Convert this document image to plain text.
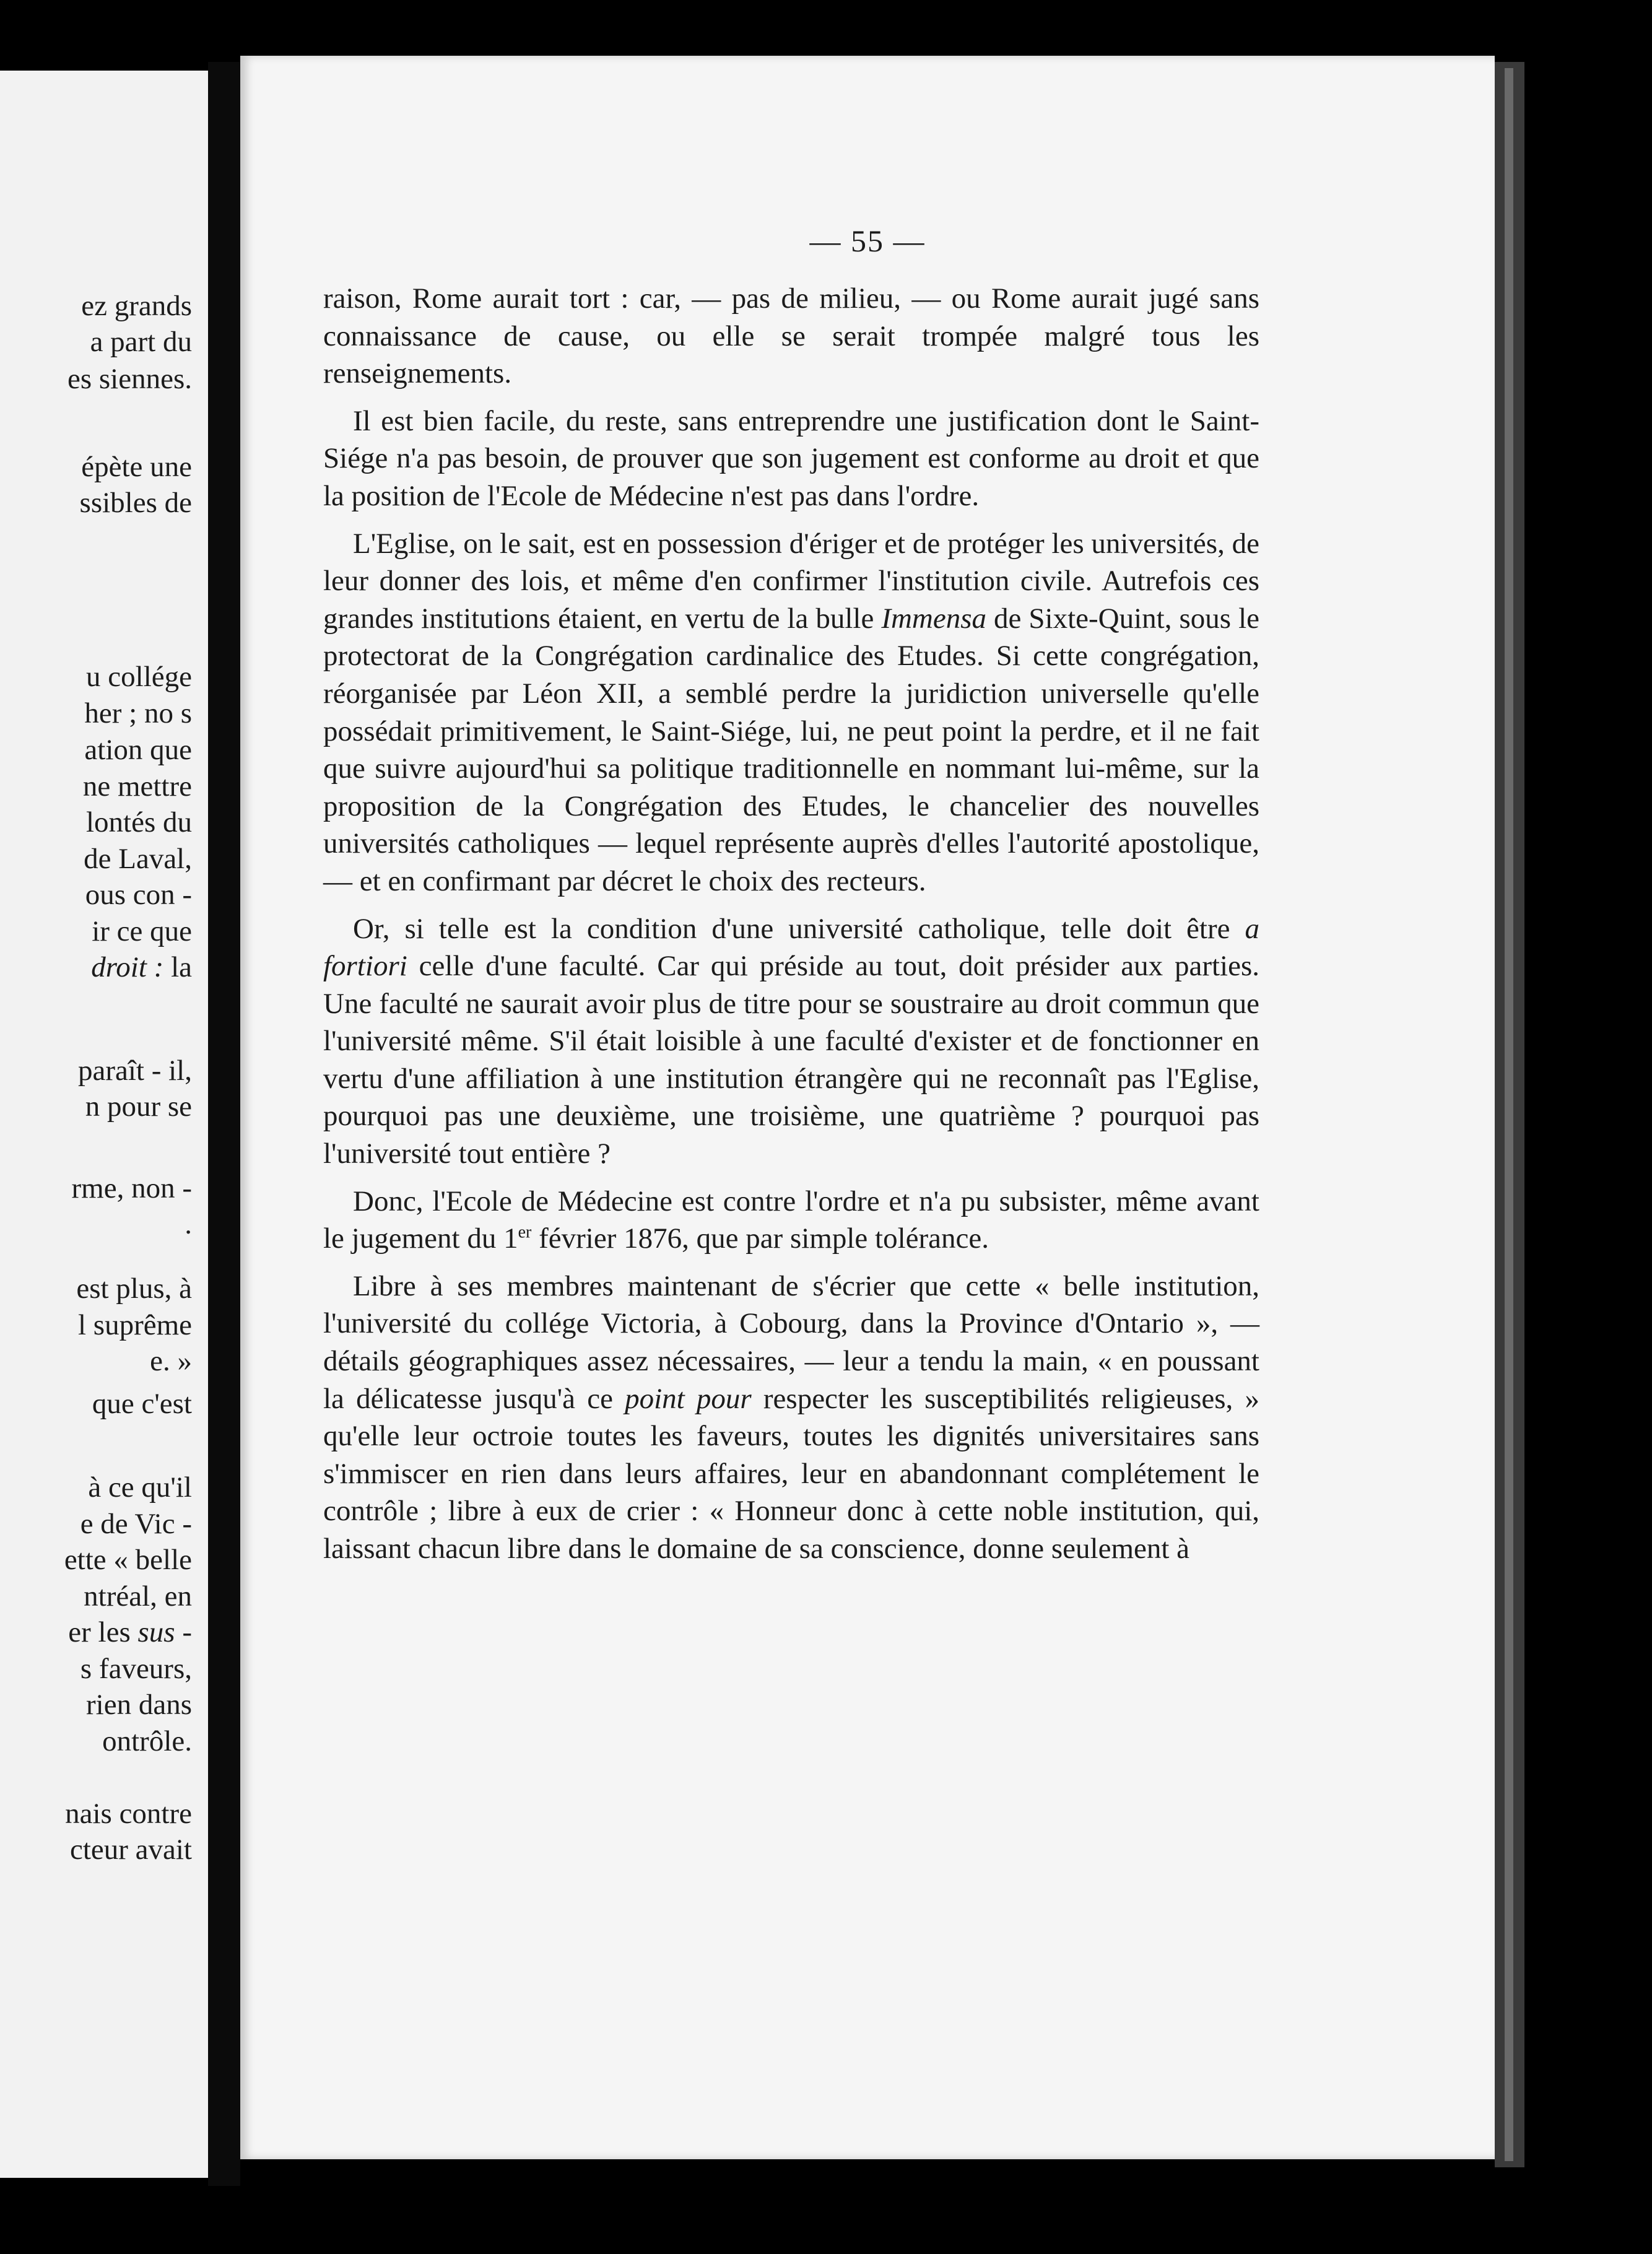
ez grands
a part du
es siennes.
épète une
ssibles de
u collége
her ; no s
ation que
ne mettre
lontés du
de Laval,
ous con -
ir ce que
droit : la
paraît - il,
n pour se
rme, non -
.
est plus, à
l suprême
e. »
que c'est
à ce qu'il
e de Vic -
ette « belle
ntréal, en
er les sus -
s faveurs,
rien dans
ontrôle.
nais contre
cteur avait
— 55 —

raison, Rome aurait tort : car, — pas de milieu, — ou Rome aurait jugé sans connaissance de cause, ou elle se serait trompée malgré tous les renseignements.

Il est bien facile, du reste, sans entreprendre une justification dont le Saint-Siége n'a pas besoin, de prouver que son jugement est conforme au droit et que la position de l'Ecole de Médecine n'est pas dans l'ordre.

L'Eglise, on le sait, est en possession d'ériger et de protéger les universités, de leur donner des lois, et même d'en confirmer l'institution civile. Autrefois ces grandes institutions étaient, en vertu de la bulle Immensa de Sixte-Quint, sous le protectorat de la Congrégation cardinalice des Etudes. Si cette congrégation, réorganisée par Léon XII, a semblé perdre la juridiction universelle qu'elle possédait primitivement, le Saint-Siége, lui, ne peut point la perdre, et il ne fait que suivre aujourd'hui sa politique traditionnelle en nommant lui-même, sur la proposition de la Congrégation des Etudes, le chancelier des nouvelles universités catholiques — lequel représente auprès d'elles l'autorité apostolique, — et en confirmant par décret le choix des recteurs.

Or, si telle est la condition d'une université catholique, telle doit être a fortiori celle d'une faculté. Car qui préside au tout, doit présider aux parties. Une faculté ne saurait avoir plus de titre pour se soustraire au droit commun que l'université même. S'il était loisible à une faculté d'exister et de fonctionner en vertu d'une affiliation à une institution étrangère qui ne reconnaît pas l'Eglise, pourquoi pas une deuxième, une troisième, une quatrième ? pourquoi pas l'université tout entière ?

Donc, l'Ecole de Médecine est contre l'ordre et n'a pu subsister, même avant le jugement du 1er février 1876, que par simple tolérance.

Libre à ses membres maintenant de s'écrier que cette « belle institution, l'université du collége Victoria, à Cobourg, dans la Province d'Ontario », — détails géographiques assez nécessaires, — leur a tendu la main, « en poussant la délicatesse jusqu'à ce point pour respecter les susceptibilités religieuses, » qu'elle leur octroie toutes les faveurs, toutes les dignités universitaires sans s'immiscer en rien dans leurs affaires, leur en abandonnant complétement le contrôle ; libre à eux de crier : « Honneur donc à cette noble institution, qui, laissant chacun libre dans le domaine de sa conscience, donne seulement à
